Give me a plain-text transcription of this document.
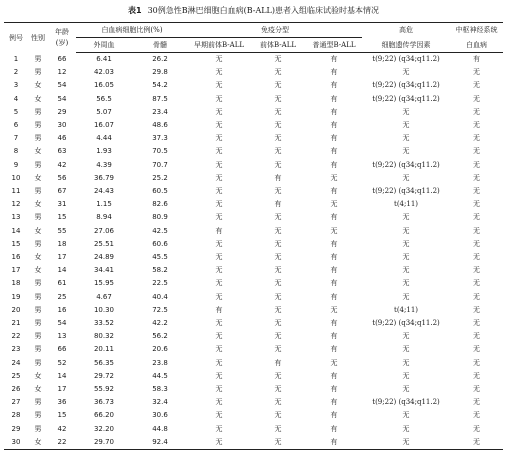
表1 30例急性B淋巴细胞白血病(B-ALL)患者入组临床试验时基本情况
例号	性别	年龄
(岁)	白血病细胞比例(%)		免疫分型			高危	中枢神经系统
			外周血	骨髓	早期前体B-ALL	前体B-ALL	普通型B-ALL	细胞遗传学因素	白血病
1	男	66	6.41	26.2	无	无	有	t(9;22) (q34;q11.2)	有
2	男	12	42.03	29.8	无	无	有	无	无
3	女	54	16.05	54.2	无	无	有	t(9;22) (q34;q11.2)	无
4	女	54	56.5	87.5	无	无	有	t(9;22) (q34;q11.2)	无
5	男	29	5.07	23.4	无	无	有	无	无
6	男	30	16.07	48.6	无	无	有	无	无
7	男	46	4.44	37.3	无	无	有	无	无
8	女	63	1.93	70.5	无	无	有	无	无
9	男	42	4.39	70.7	无	无	有	t(9;22) (q34;q11.2)	无
10	女	56	36.79	25.2	无	有	无	无	无
11	男	67	24.43	60.5	无	无	有	t(9;22) (q34;q11.2)	无
12	女	31	1.15	82.6	无	有	无	t(4;11)	无
13	男	15	8.94	80.9	无	无	有	无	无
14	女	55	27.06	42.5	有	无	无	无	无
15	男	18	25.51	60.6	无	无	有	无	无
16	女	17	24.89	45.5	无	无	有	无	无
17	女	14	34.41	58.2	无	无	有	无	无
18	男	61	15.95	22.5	无	无	有	无	无
19	男	25	4.67	40.4	无	无	有	无	无
20	男	16	10.30	72.5	有	无	无	t(4;11)	无
21	男	54	33.52	42.2	无	无	有	t(9;22) (q34;q11.2)	无
22	男	13	80.32	56.2	无	无	有	无	无
23	男	66	20.11	20.6	无	无	有	无	无
24	男	52	56.35	23.8	无	有	无	无	无
25	女	14	29.72	44.5	无	无	有	无	无
26	女	17	55.92	58.3	无	无	有	无	无
27	男	36	36.73	32.4	无	无	有	t(9;22) (q34;q11.2)	无
28	男	15	66.20	30.6	无	无	有	无	无
29	男	42	32.20	44.8	无	无	有	无	无
30	女	22	29.70	92.4	无	无	有	无	无
